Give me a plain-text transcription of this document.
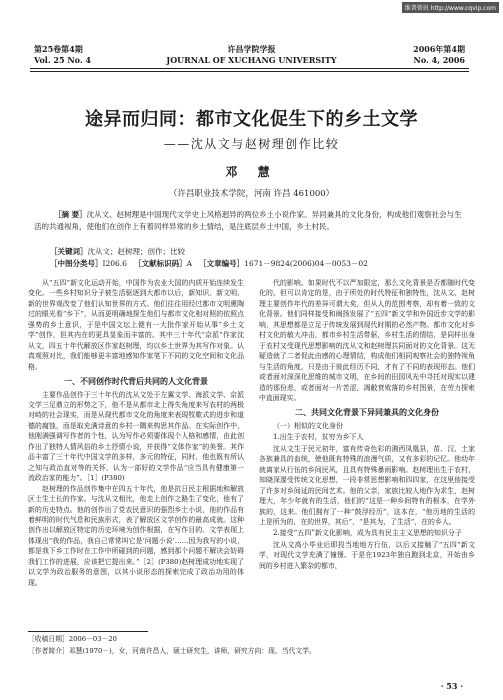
维普资讯 http://www.cqvip.com
第25卷第4期
Vol. 25 No. 4
许昌学院学报
JOURNAL OF XUCHANG UNIVERSITY
2006年第4期
No. 4, 2006
途异而归同：都市文化促生下的乡土文学
——沈从文与赵树理创作比较
邓 慧
（许昌职业技术学院，河南 许昌 461000）
［摘 要］沈从文、赵树理是中国现代文学史上风格迥异的两位乡土小说作家。异同兼具的文化身份，构成他们观察社会与生活的共通视角，使他们在创作上有着同样异常的乡土情结，是注底层乡土中国，乡土村民。
［关键词］沈从文；赵树理；创作；比较
［中图分类号］I206.6 ［文献标识码］A ［文章编号］1671－9824(2006)04－0053－02

从“五四”新文化运动开始，中国作为农业大国的内质开始连续发生变化。一些乡村知识分子被生活驱逐到大都市以后，新知识、新文明、新的世界观改变了他们认知世界的方式。他们往往用经过都市文明熏陶过的眼光看“乡下”，从而更明确地探生他们与都市文化相对照的依照点强势的乡土意识，于是中国文坛上便有一大批作家开始从事“乡土文学”创作，但其内在的更具显象而丰富的。其中三十年代“京派”作家沈从文，四五十年代解放区作家赵树理，均以乡土世界为其写作对象。认真观照对比，我们能够更丰富地感知作家笔下不同的文化空间和文化品格。

一、不同创作时代背后共同的人文化背景

主要作品创作于三十年代的沈从文处于左翼文学、海派文学、京派文学三足鼎立的形势之下，他不是从都市北上得失角度来写农村的两极对峙的社会现实，而是从现代都市文化的角度来表现牧歌式的进步和道德的腐蚀，而是取充满诗意的乡村一隅来构思其作品。在实际创作中，他刚满强调写作者的个性，认为写作必须要体现个人格和感情，由此创作出了独特人情风俗的乡土抒情小说，并获得“文体作家”的美誉。其作品丰富了三十年代中国文学的多样，多元的特征，同时，他也既有所认之知与政治直对等的关怀，认为一部好的文学作品“应当具有健康第一流政治家的能力”。［1］(P380)

赵树理的作品创作集中在四五十年代，他是抗日民主根据地和解放区土生土长的作家。与沈从文相比，他走上创作之路生了变化，他有了新的历史特点。他的创作出了党农民意识的强烈乡土小说，他的作品有着鲜明的时代气息和民族形式，表了解放区文学创作的最高成就。这种创作出以解放区特定的历史环境为创作根据，在写作目的、文学表现上体现出“我的作品，我自己常常叫它是‘问题小说’……因为我写的小说，都是我下乡工作时在工作中所碰到的问题，感到那个问题不解决会妨碍我们工作的进展，应该把它提出来。”［2］(P380)赵树理成功地实现了以文学为政治服务的意图，以其小说形态的探索完成了政治功用的体现。

代的影响。如果时代不以严加限定，那么文化背景是否都随时代变化的。但可以肯定的是，由于所处的时代特征和独特性，沈从文、赵树理主要创作年代的差异可谓大矣，但从人的范围考察，却有着一致的文化背景。他们同样接受和阐扬发展了“五四”新文学和外国近步文学的影响，其思想都是立足于传统发展到现代时期的必然产物。都市文化对乡村文化的敏大冲击，都市乡村生活带驱，乡村生活的情结，是同样出身于农村又受现代思想影响的沈从文和赵树理共同面对的文化背景。这无疑造就了二者促此由感的心理情结，构成他们相同观察社会的独特视角与生活的角度，只是由于彼此经历不同，才有了不同的表现形态。他们或者面对深深化思维的城市文明，在乡间的田园风光中寻托对现实以建造的那份悲，或者面对一片苦涩，凋敝衰败落的乡村图景，在劳力探索中直面现实。

二、共同文化背景下异同兼具的文化身份
（一）相似的文化身份
1.出生于农村，贫穷为乡下人

沈从文生于民元初年，富有传奇色彩的湘西凤凰县，苗、汉、土家各族兼具的血统，使他既有特殊的浪漫气质，又有多彩的记忆。他幼年就离家从行伍的乡间民风，且具有特殊暴雨影响。赵树理出生于农村，知晓深邃受传统文化思想，一段非常思想影响和四四家，在这里他接受了许多对乡间延的民间艺术。他的父亲，家族比较人地作为求生，赵树理大，年少年就有的生活，他们的“这是一种乡间特有的根本，在学外族的，这来。他们拥有了一种“鼓浮经历”，这本在，“他历地的生活的上是所为的，在的世界，其后”，“是其为，了生活”，在的乡人。

2.接受“五四”新文化影响，成为具有民主主义思想的知识分子

沈从文高小毕业后即投当地地方行伍，以后又接触了“五四”新文学，对现代文学充满了憧憬。于是在1923年独自跑到北京，开始由乡间的乡村进入繁杂的都市，

［收稿日期］2006－03－20
［作者简介］邓慧(1970－)，女，河南许昌人，硕士研究生，讲师，研究方向：现、当代文学。
· 53 ·
